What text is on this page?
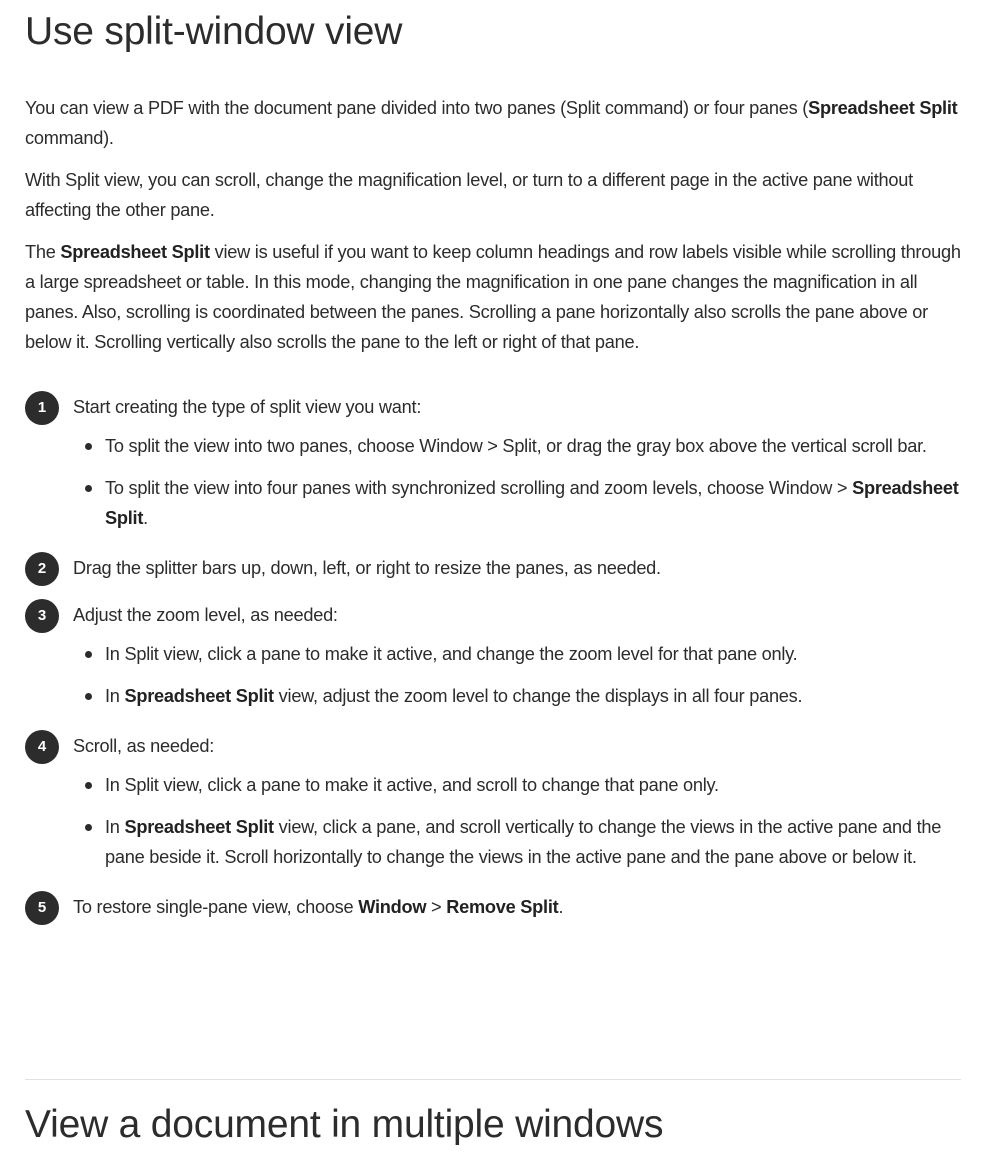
Use split-window view

You can view a PDF with the document pane divided into two panes (Split command) or four panes (Spreadsheet Split command).

With Split view, you can scroll, change the magnification level, or turn to a different page in the active pane without affecting the other pane.

The Spreadsheet Split view is useful if you want to keep column headings and row labels visible while scrolling through a large spreadsheet or table. In this mode, changing the magnification in one pane changes the magnification in all panes. Also, scrolling is coordinated between the panes. Scrolling a pane horizontally also scrolls the pane above or below it. Scrolling vertically also scrolls the pane to the left or right of that pane.

1	Start creating the type of split view you want:
To split the view into two panes, choose Window > Split, or drag the gray box above the vertical scroll bar.
To split the view into four panes with synchronized scrolling and zoom levels, choose Window > Spreadsheet Split.
2	Drag the splitter bars up, down, left, or right to resize the panes, as needed.
3	Adjust the zoom level, as needed:
In Split view, click a pane to make it active, and change the zoom level for that pane only.
In Spreadsheet Split view, adjust the zoom level to change the displays in all four panes.
4	Scroll, as needed:
In Split view, click a pane to make it active, and scroll to change that pane only.
In Spreadsheet Split view, click a pane, and scroll vertically to change the views in the active pane and the pane beside it. Scroll horizontally to change the views in the active pane and the pane above or below it.
5	To restore single-pane view, choose Window > Remove Split.
View a document in multiple windows
